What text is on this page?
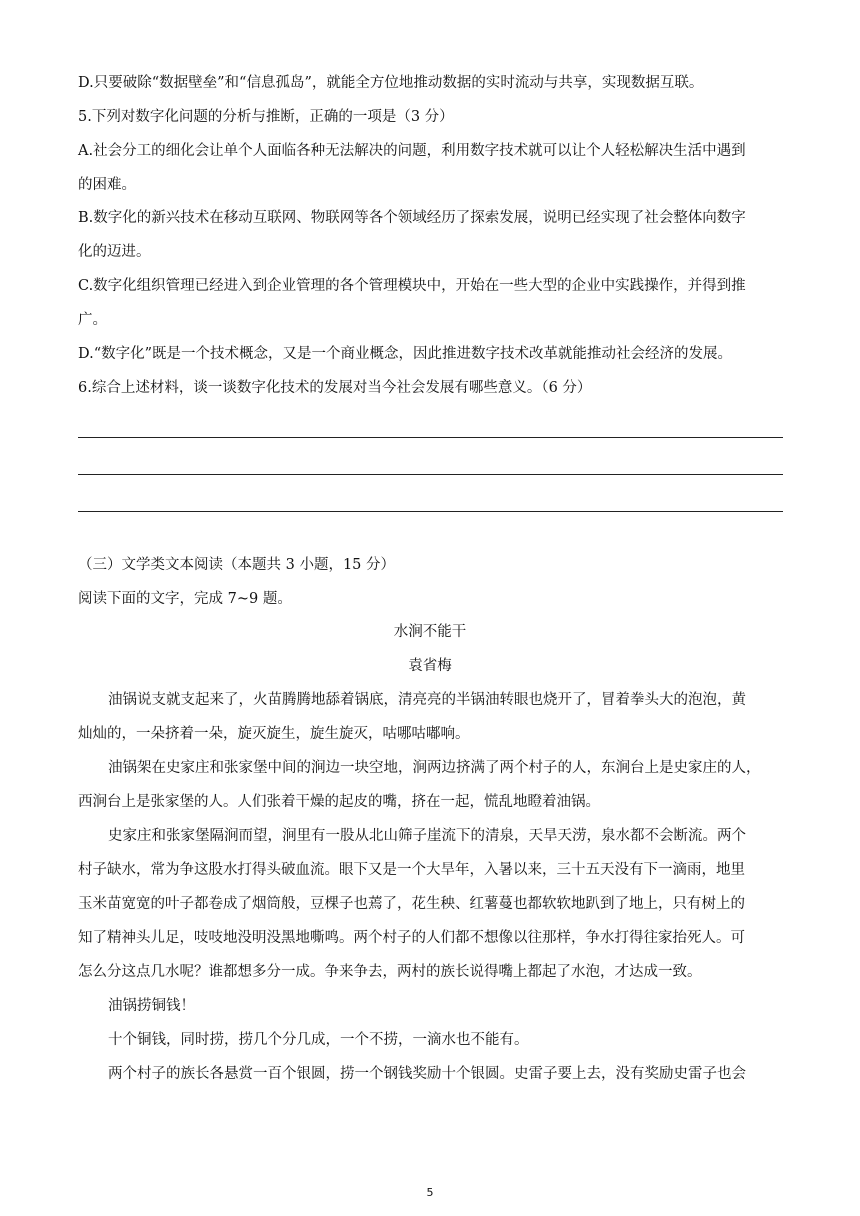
D.只要破除“数据壁垒”和“信息孤岛”，就能全方位地推动数据的实时流动与共享，实现数据互联。
5.下列对数字化问题的分析与推断，正确的一项是（3 分）
A.社会分工的细化会让单个人面临各种无法解决的问题，利用数字技术就可以让个人轻松解决生活中遇到
的困难。
B.数字化的新兴技术在移动互联网、物联网等各个领域经历了探索发展，说明已经实现了社会整体向数字
化的迈进。
C.数字化组织管理已经进入到企业管理的各个管理模块中，开始在一些大型的企业中实践操作，并得到推
广。
D.“数字化”既是一个技术概念，又是一个商业概念，因此推进数字技术改革就能推动社会经济的发展。
6.综合上述材料，谈一谈数字化技术的发展对当今社会发展有哪些意义。（6 分）
（三）文学类文本阅读（本题共 3 小题，15 分）
阅读下面的文字，完成 7~9 题。
水涧不能干
袁省梅
油锅说支就支起来了，火苗腾腾地舔着锅底，清亮亮的半锅油转眼也烧开了，冒着拳头大的泡泡，黄
灿灿的，一朵挤着一朵，旋灭旋生，旋生旋灭，咕哪咕嘟响。
油锅架在史家庄和张家堡中间的涧边一块空地，涧两边挤满了两个村子的人，东涧台上是史家庄的人，
西涧台上是张家堡的人。人们张着干燥的起皮的嘴，挤在一起，慌乱地瞪着油锅。
史家庄和张家堡隔涧而望，涧里有一股从北山筛子崖流下的清泉，天旱天涝，泉水都不会断流。两个
村子缺水，常为争这股水打得头破血流。眼下又是一个大旱年，入暑以来，三十五天没有下一滴雨，地里
玉米苗宽宽的叶子都卷成了烟筒般，豆棵子也蔫了，花生秧、红薯蔓也都软软地趴到了地上，只有树上的
知了精神头儿足，吱吱地没明没黑地嘶鸣。两个村子的人们都不想像以往那样，争水打得往家抬死人。可
怎么分这点几水呢？谁都想多分一成。争来争去，两村的族长说得嘴上都起了水泡，才达成一致。
油锅捞铜钱！
十个铜钱，同时捞，捞几个分几成，一个不捞，一滴水也不能有。
两个村子的族长各悬赏一百个银圆，捞一个钢钱奖励十个银圆。史雷子要上去，没有奖励史雷子也会
5
